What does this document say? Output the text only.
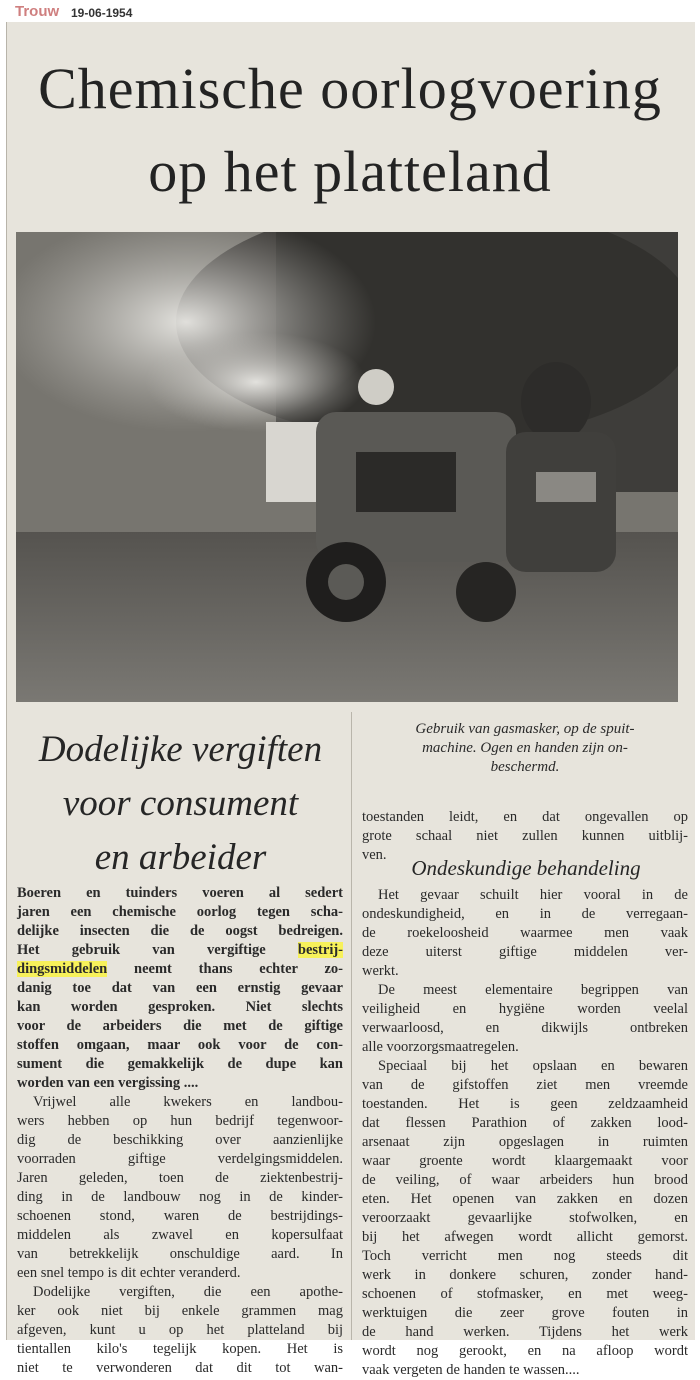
Trouw 19-06-1954
Chemische oorlogvoering
op het platteland
Dodelijke vergiften
voor consument
en arbeider
Gebruik van gasmasker, op de spuit-
machine. Ogen en handen zijn on-
beschermd.
Boeren en tuinders voeren al sedert
jaren een chemische oorlog tegen scha-
delijke insecten die de oogst bedreigen.
Het gebruik van vergiftige bestrij-
dingsmiddelen neemt thans echter zo-
danig toe dat van een ernstig gevaar
kan worden gesproken. Niet slechts
voor de arbeiders die met de giftige
stoffen omgaan, maar ook voor de con-
sument die gemakkelijk de dupe kan
worden van een vergissing ....
Vrijwel alle kwekers en landbou-
wers hebben op hun bedrijf tegenwoor-
dig de beschikking over aanzienlijke
voorraden giftige verdelgingsmiddelen.
Jaren geleden, toen de ziektenbestrij-
ding in de landbouw nog in de kinder-
schoenen stond, waren de bestrijdings-
middelen als zwavel en kopersulfaat
van betrekkelijk onschuldige aard. In
een snel tempo is dit echter veranderd.
Dodelijke vergiften, die een apothe-
ker ook niet bij enkele grammen mag
afgeven, kunt u op het platteland bij
tientallen kilo's tegelijk kopen. Het is
niet te verwonderen dat dit tot wan-
toestanden leidt, en dat ongevallen op
grote schaal niet zullen kunnen uitblij-
ven.
Ondeskundige behandeling
Het gevaar schuilt hier vooral in de
ondeskundigheid, en in de verregaan-
de roekeloosheid waarmee men vaak
deze uiterst giftige middelen ver-
werkt.
De meest elementaire begrippen van
veiligheid en hygiëne worden veelal
verwaarloosd, en dikwijls ontbreken
alle voorzorgsmaatregelen.
Speciaal bij het opslaan en bewaren
van de gifstoffen ziet men vreemde
toestanden. Het is geen zeldzaamheid
dat flessen Parathion of zakken lood-
arsenaat zijn opgeslagen in ruimten
waar groente wordt klaargemaakt voor
de veiling, of waar arbeiders hun brood
eten. Het openen van zakken en dozen
veroorzaakt gevaarlijke stofwolken, en
bij het afwegen wordt allicht gemorst.
Toch verricht men nog steeds dit
werk in donkere schuren, zonder hand-
schoenen of stofmasker, en met weeg-
werktuigen die zeer grove fouten in
de hand werken. Tijdens het werk
wordt nog gerookt, en na afloop wordt
vaak vergeten de handen te wassen....
